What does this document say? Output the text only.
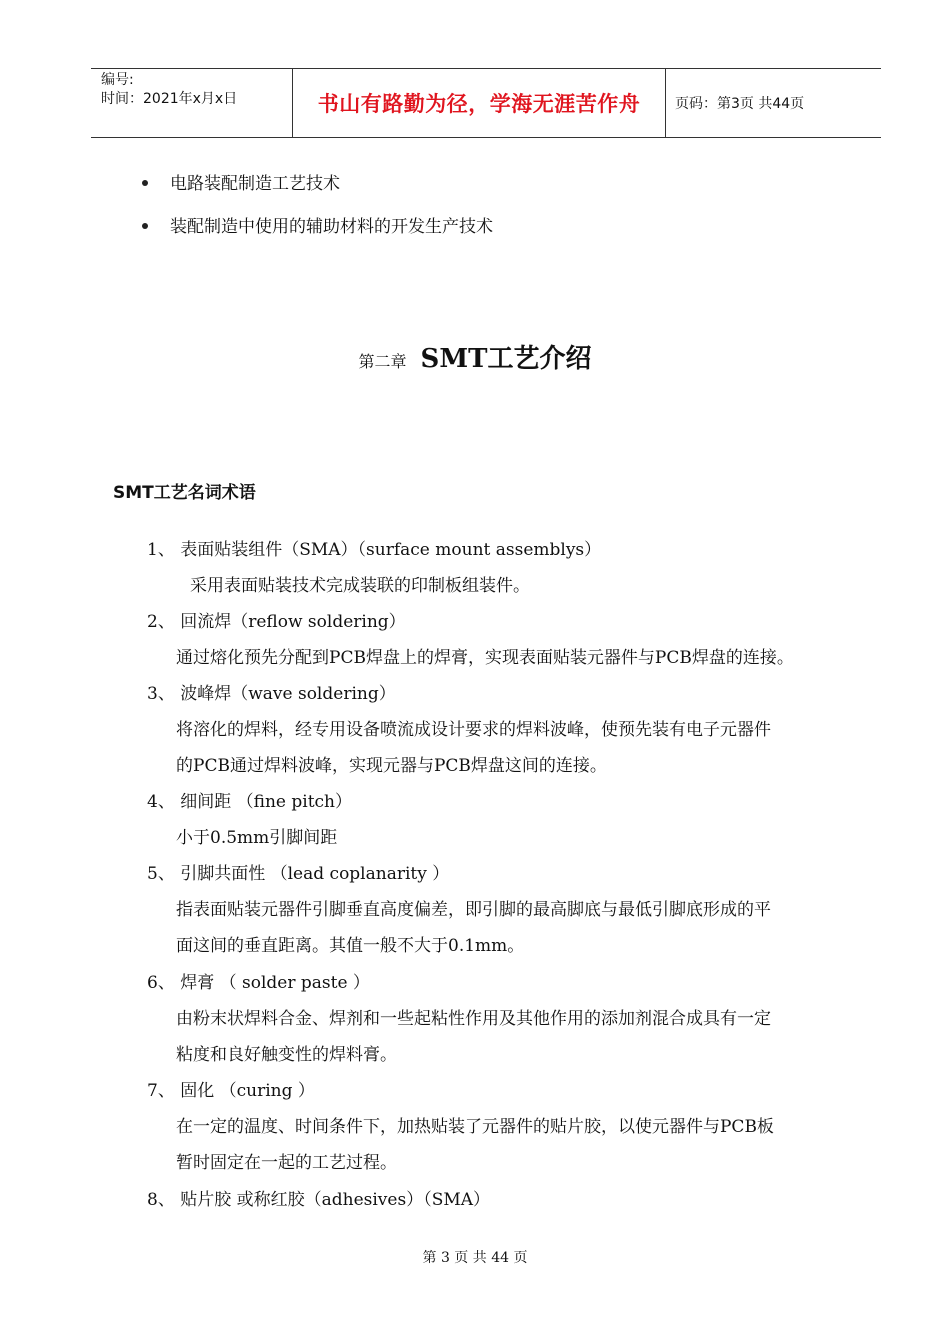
编号:
时间：2021年x月x日	书山有路勤为径，学海无涯苦作舟	页码：第3页 共44页
电路装配制造工艺技术
装配制造中使用的辅助材料的开发生产技术
第二章 SMT工艺介绍
SMT工艺名词术语
1、 表面贴装组件（SMA）（surface mount assemblys）
采用表面贴装技术完成装联的印制板组装件。
2、 回流焊（reflow soldering）
通过熔化预先分配到PCB焊盘上的焊膏，实现表面贴装元器件与PCB焊盘的连接。
3、 波峰焊（wave soldering）
将溶化的焊料，经专用设备喷流成设计要求的焊料波峰，使预先装有电子元器件
的PCB通过焊料波峰，实现元器与PCB焊盘这间的连接。
4、 细间距 （fine pitch）
小于0.5mm引脚间距
5、 引脚共面性 （lead coplanarity ）
指表面贴装元器件引脚垂直高度偏差，即引脚的最高脚底与最低引脚底形成的平
面这间的垂直距离。其值一般不大于0.1mm。
6、 焊膏 （ solder paste ）
由粉末状焊料合金、焊剂和一些起粘性作用及其他作用的添加剂混合成具有一定
粘度和良好触变性的焊料膏。
7、 固化 （curing ）
在一定的温度、时间条件下，加热贴装了元器件的贴片胶，以使元器件与PCB板
暂时固定在一起的工艺过程。
8、 贴片胶 或称红胶（adhesives）（SMA）
第 3 页 共 44 页
